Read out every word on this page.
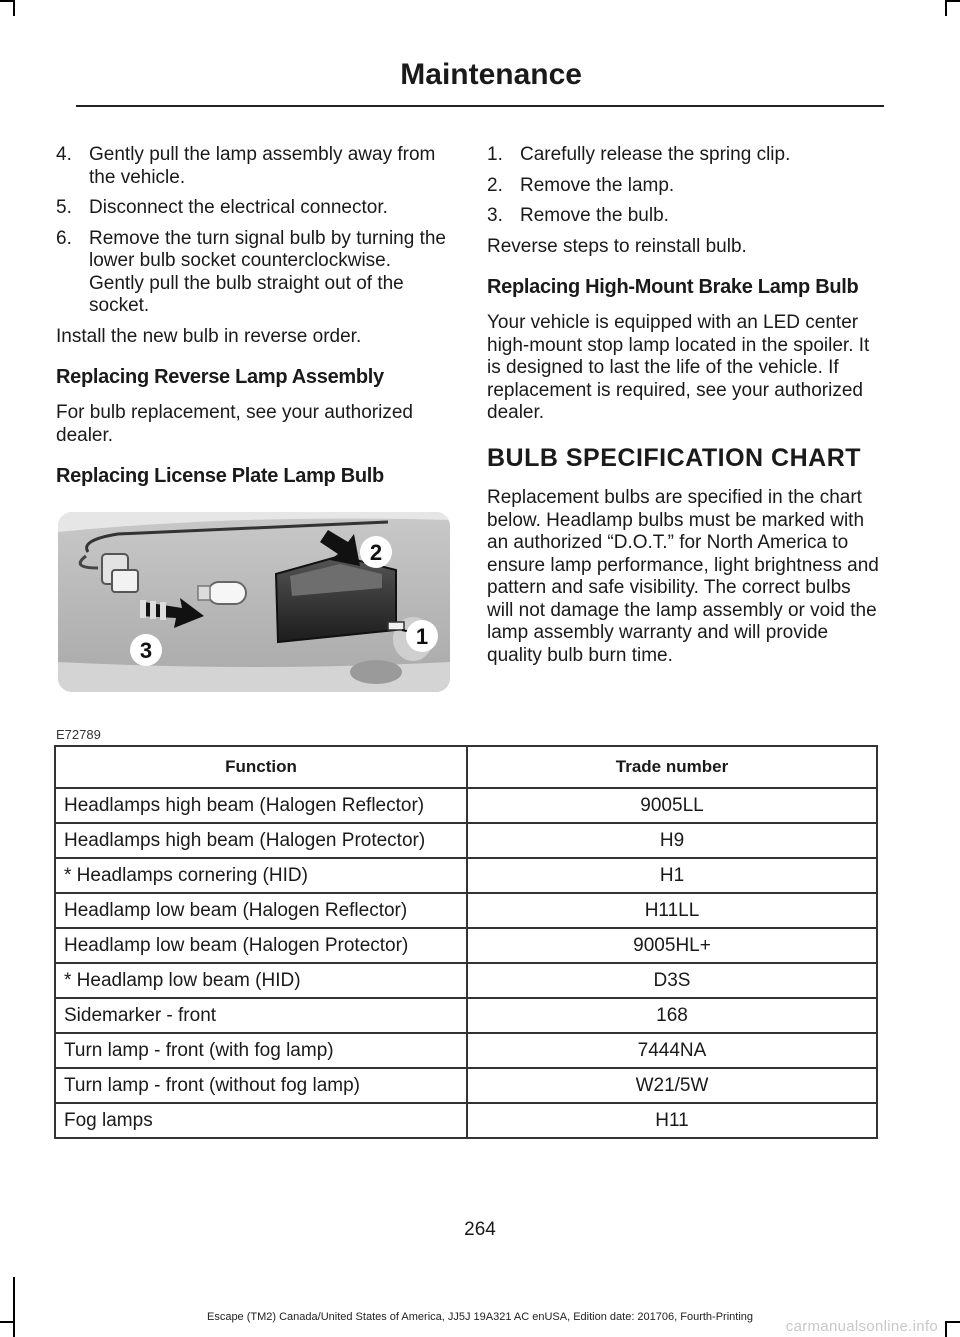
Maintenance
4. Gently pull the lamp assembly away from the vehicle.
5. Disconnect the electrical connector.
6. Remove the turn signal bulb by turning the lower bulb socket counterclockwise. Gently pull the bulb straight out of the socket.

Install the new bulb in reverse order.

Replacing Reverse Lamp Assembly

For bulb replacement, see your authorized dealer.

Replacing License Plate Lamp Bulb
2
1
3
E72789
1. Carefully release the spring clip.
2. Remove the lamp.
3. Remove the bulb.

Reverse steps to reinstall bulb.

Replacing High-Mount Brake Lamp Bulb

Your vehicle is equipped with an LED center high-mount stop lamp located in the spoiler. It is designed to last the life of the vehicle. If replacement is required, see your authorized dealer.

BULB SPECIFICATION CHART

Replacement bulbs are specified in the chart below. Headlamp bulbs must be marked with an authorized “D.O.T.” for North America to ensure lamp performance, light brightness and pattern and safe visibility. The correct bulbs will not damage the lamp assembly or void the lamp assembly warranty and will provide quality bulb burn time.

Function	Trade number
Headlamps high beam (Halogen Reflector)	9005LL
Headlamps high beam (Halogen Protector)	H9
* Headlamps cornering (HID)	H1
Headlamp low beam (Halogen Reflector)	H11LL
Headlamp low beam (Halogen Protector)	9005HL+
* Headlamp low beam (HID)	D3S
Sidemarker - front	168
Turn lamp - front (with fog lamp)	7444NA
Turn lamp - front (without fog lamp)	W21/5W
Fog lamps	H11
264
Escape (TM2) Canada/United States of America, JJ5J 19A321 AC enUSA, Edition date: 201706, Fourth-Printing
carmanualsonline.info
